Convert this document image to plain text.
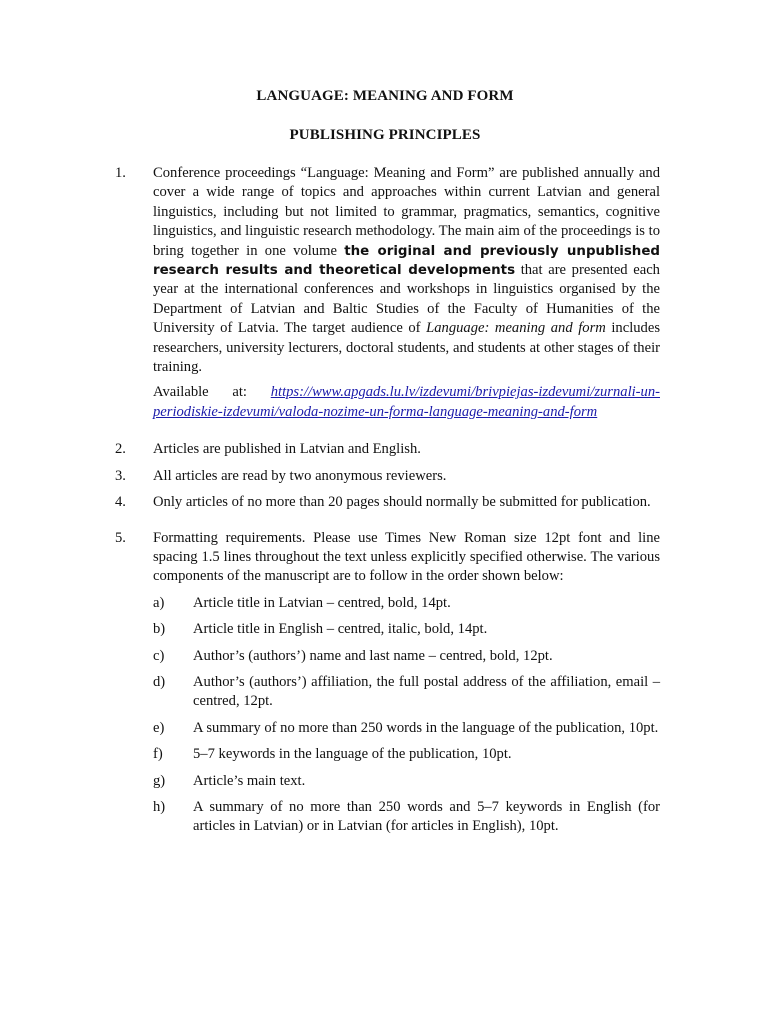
LANGUAGE: MEANING AND FORM
PUBLISHING PRINCIPLES
1. Conference proceedings “Language: Meaning and Form” are published annually and cover a wide range of topics and approaches within current Latvian and general linguistics, including but not limited to grammar, pragmatics, semantics, cognitive linguistics, and linguistic research methodology. The main aim of the proceedings is to bring together in one volume the original and previously unpublished research results and theoretical developments that are presented each year at the international conferences and workshops in linguistics organised by the Department of Latvian and Baltic Studies of the Faculty of Humanities of the University of Latvia. The target audience of Language: meaning and form includes researchers, university lecturers, doctoral students, and students at other stages of their training.

Available at: https://www.apgads.lu.lv/izdevumi/brivpiejas-izdevumi/zurnali-un-periodiskie-izdevumi/valoda-nozime-un-forma-language-meaning-and-form

2. Articles are published in Latvian and English.

3. All articles are read by two anonymous reviewers.

4. Only articles of no more than 20 pages should normally be submitted for publication.

5. Formatting requirements. Please use Times New Roman size 12pt font and line spacing 1.5 lines throughout the text unless explicitly specified otherwise. The various components of the manuscript are to follow in the order shown below:

a) Article title in Latvian – centred, bold, 14pt.

b) Article title in English – centred, italic, bold, 14pt.

c) Author’s (authors’) name and last name – centred, bold, 12pt.

d) Author’s (authors’) affiliation, the full postal address of the affiliation, email – centred, 12pt.

e) A summary of no more than 250 words in the language of the publication, 10pt.

f) 5–7 keywords in the language of the publication, 10pt.

g) Article’s main text.

h) A summary of no more than 250 words and 5–7 keywords in English (for articles in Latvian) or in Latvian (for articles in English), 10pt.
